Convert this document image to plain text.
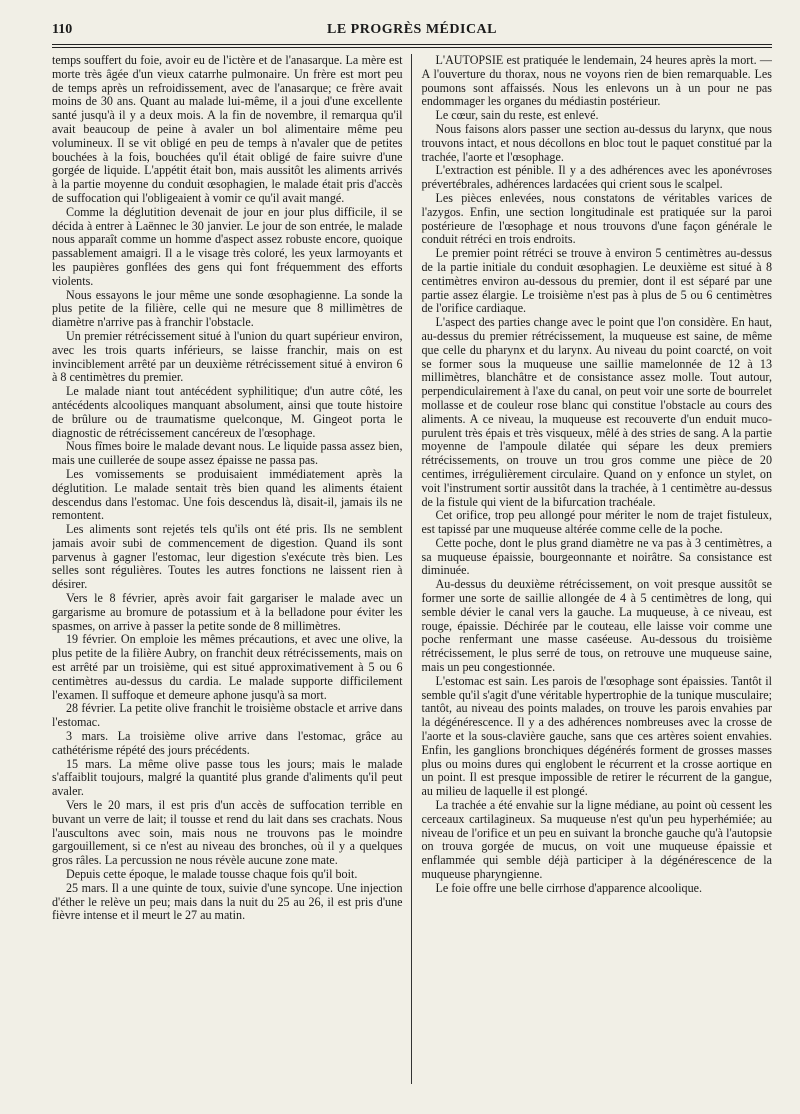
110	LE PROGRÈS MÉDICAL

temps souffert du foie, avoir eu de l'ictère et de l'anasarque. La mère est morte très âgée d'un vieux catarrhe pulmonaire. Un frère est mort peu de temps après un refroidissement, avec de l'anasarque; ce frère avait moins de 30 ans. Quant au malade lui-même, il a joui d'une excellente santé jusqu'à il y a deux mois. A la fin de novembre, il remarqua qu'il avait beaucoup de peine à avaler un bol alimentaire même peu volumineux. Il se vit obligé en peu de temps à n'avaler que de petites bouchées à la fois, bouchées qu'il était obligé de faire suivre d'une gorgée de liquide. L'appétit était bon, mais aussitôt les aliments arrivés à la partie moyenne du conduit œsophagien, le malade était pris d'accès de suffocation qui l'obligeaient à vomir ce qu'il avait mangé.

Comme la déglutition devenait de jour en jour plus difficile, il se décida à entrer à Laënnec le 30 janvier. Le jour de son entrée, le malade nous apparaît comme un homme d'aspect assez robuste encore, quoique passablement amaigri. Il a le visage très coloré, les yeux larmoyants et les paupières gonflées des gens qui font fréquemment des efforts violents.

Nous essayons le jour même une sonde œsophagienne. La sonde la plus petite de la filière, celle qui ne mesure que 8 millimètres de diamètre n'arrive pas à franchir l'obstacle.

Un premier rétrécissement situé à l'union du quart supérieur environ, avec les trois quarts inférieurs, se laisse franchir, mais on est invinciblement arrêté par un deuxième rétrécissement situé à environ 6 à 8 centimètres du premier.

Le malade niant tout antécédent syphilitique; d'un autre côté, les antécédents alcooliques manquant absolument, ainsi que toute histoire de brûlure ou de traumatisme quelconque, M. Gingeot porta le diagnostic de rétrécissement cancéreux de l'œsophage.

Nous fîmes boire le malade devant nous. Le liquide passa assez bien, mais une cuillerée de soupe assez épaisse ne passa pas.

Les vomissements se produisaient immédiatement après la déglutition. Le malade sentait très bien quand les aliments étaient descendus dans l'estomac. Une fois descendus là, disait-il, jamais ils ne remontent.

Les aliments sont rejetés tels qu'ils ont été pris. Ils ne semblent jamais avoir subi de commencement de digestion. Quand ils sont parvenus à gagner l'estomac, leur digestion s'exécute très bien. Les selles sont régulières. Toutes les autres fonctions ne laissent rien à désirer.

Vers le 8 février, après avoir fait gargariser le malade avec un gargarisme au bromure de potassium et à la belladone pour éviter les spasmes, on arrive à passer la petite sonde de 8 millimètres.

19 février. On emploie les mêmes précautions, et avec une olive, la plus petite de la filière Aubry, on franchit deux rétrécissements, mais on est arrêté par un troisième, qui est situé approximativement à 5 ou 6 centimètres au-dessus du cardia. Le malade supporte difficilement l'examen. Il suffoque et demeure aphone jusqu'à sa mort.

28 février. La petite olive franchit le troisième obstacle et arrive dans l'estomac.

3 mars. La troisième olive arrive dans l'estomac, grâce au cathétérisme répété des jours précédents.

15 mars. La même olive passe tous les jours; mais le malade s'affaiblit toujours, malgré la quantité plus grande d'aliments qu'il peut avaler.

Vers le 20 mars, il est pris d'un accès de suffocation terrible en buvant un verre de lait; il tousse et rend du lait dans ses crachats. Nous l'auscultons avec soin, mais nous ne trouvons pas le moindre gargouillement, si ce n'est au niveau des bronches, où il y a quelques gros râles. La percussion ne nous révèle aucune zone mate.

Depuis cette époque, le malade tousse chaque fois qu'il boit.

25 mars. Il a une quinte de toux, suivie d'une syncope. Une injection d'éther le relève un peu; mais dans la nuit du 25 au 26, il est pris d'une fièvre intense et il meurt le 27 au matin.

L'AUTOPSIE est pratiquée le lendemain, 24 heures après la mort. — A l'ouverture du thorax, nous ne voyons rien de bien remarquable. Les poumons sont affaissés. Nous les enlevons un à un pour ne pas endommager les organes du médiastin postérieur.

Le cœur, sain du reste, est enlevé.

Nous faisons alors passer une section au-dessus du larynx, que nous trouvons intact, et nous décollons en bloc tout le paquet constitué par la trachée, l'aorte et l'œsophage.

L'extraction est pénible. Il y a des adhérences avec les aponévroses prévertébrales, adhérences lardacées qui crient sous le scalpel.

Les pièces enlevées, nous constatons de véritables varices de l'azygos. Enfin, une section longitudinale est pratiquée sur la paroi postérieure de l'œsophage et nous trouvons d'une façon générale le conduit rétréci en trois endroits.

Le premier point rétréci se trouve à environ 5 centimètres au-dessus de la partie initiale du conduit œsophagien. Le deuxième est situé à 8 centimètres environ au-dessous du premier, dont il est séparé par une partie assez élargie. Le troisième n'est pas à plus de 5 ou 6 centimètres de l'orifice cardiaque.

L'aspect des parties change avec le point que l'on considère. En haut, au-dessus du premier rétrécissement, la muqueuse est saine, de même que celle du pharynx et du larynx. Au niveau du point coarcté, on voit se former sous la muqueuse une saillie mamelonnée de 12 à 13 millimètres, blanchâtre et de consistance assez molle. Tout autour, perpendiculairement à l'axe du canal, on peut voir une sorte de bourrelet mollasse et de couleur rose blanc qui constitue l'obstacle au cours des aliments. A ce niveau, la muqueuse est recouverte d'un enduit muco-purulent très épais et très visqueux, mêlé à des stries de sang. A la partie moyenne de l'ampoule dilatée qui sépare les deux premiers rétrécissements, on trouve un trou gros comme une pièce de 20 centimes, irrégulièrement circulaire. Quand on y enfonce un stylet, on voit l'instrument sortir aussitôt dans la trachée, à 1 centimètre au-dessus de la fistule qui vient de la bifurcation trachéale.

Cet orifice, trop peu allongé pour mériter le nom de trajet fistuleux, est tapissé par une muqueuse altérée comme celle de la poche.

Cette poche, dont le plus grand diamètre ne va pas à 3 centimètres, a sa muqueuse épaissie, bourgeonnante et noirâtre. Sa consistance est diminuée.

Au-dessus du deuxième rétrécissement, on voit presque aussitôt se former une sorte de saillie allongée de 4 à 5 centimètres de long, qui semble dévier le canal vers la gauche. La muqueuse, à ce niveau, est rouge, épaissie. Déchirée par le couteau, elle laisse voir comme une poche renfermant une masse caséeuse. Au-dessous du troisième rétrécissement, le plus serré de tous, on retrouve une muqueuse saine, mais un peu congestionnée.

L'estomac est sain. Les parois de l'œsophage sont épaissies. Tantôt il semble qu'il s'agit d'une véritable hypertrophie de la tunique musculaire; tantôt, au niveau des points malades, on trouve les parois envahies par la dégénérescence. Il y a des adhérences nombreuses avec la crosse de l'aorte et la sous-clavière gauche, sans que ces artères soient envahies. Enfin, les ganglions bronchiques dégénérés forment de grosses masses plus ou moins dures qui englobent le récurrent et la crosse aortique en un point. Il est presque impossible de retirer le récurrent de la gangue, au milieu de laquelle il est plongé.

La trachée a été envahie sur la ligne médiane, au point où cessent les cerceaux cartilagineux. Sa muqueuse n'est qu'un peu hyperhémiée; au niveau de l'orifice et un peu en suivant la bronche gauche qu'à l'autopsie on trouva gorgée de mucus, on voit une muqueuse épaissie et enflammée qui semble déjà participer à la dégénérescence de la muqueuse pharyngienne.

Le foie offre une belle cirrhose d'apparence alcoolique.
